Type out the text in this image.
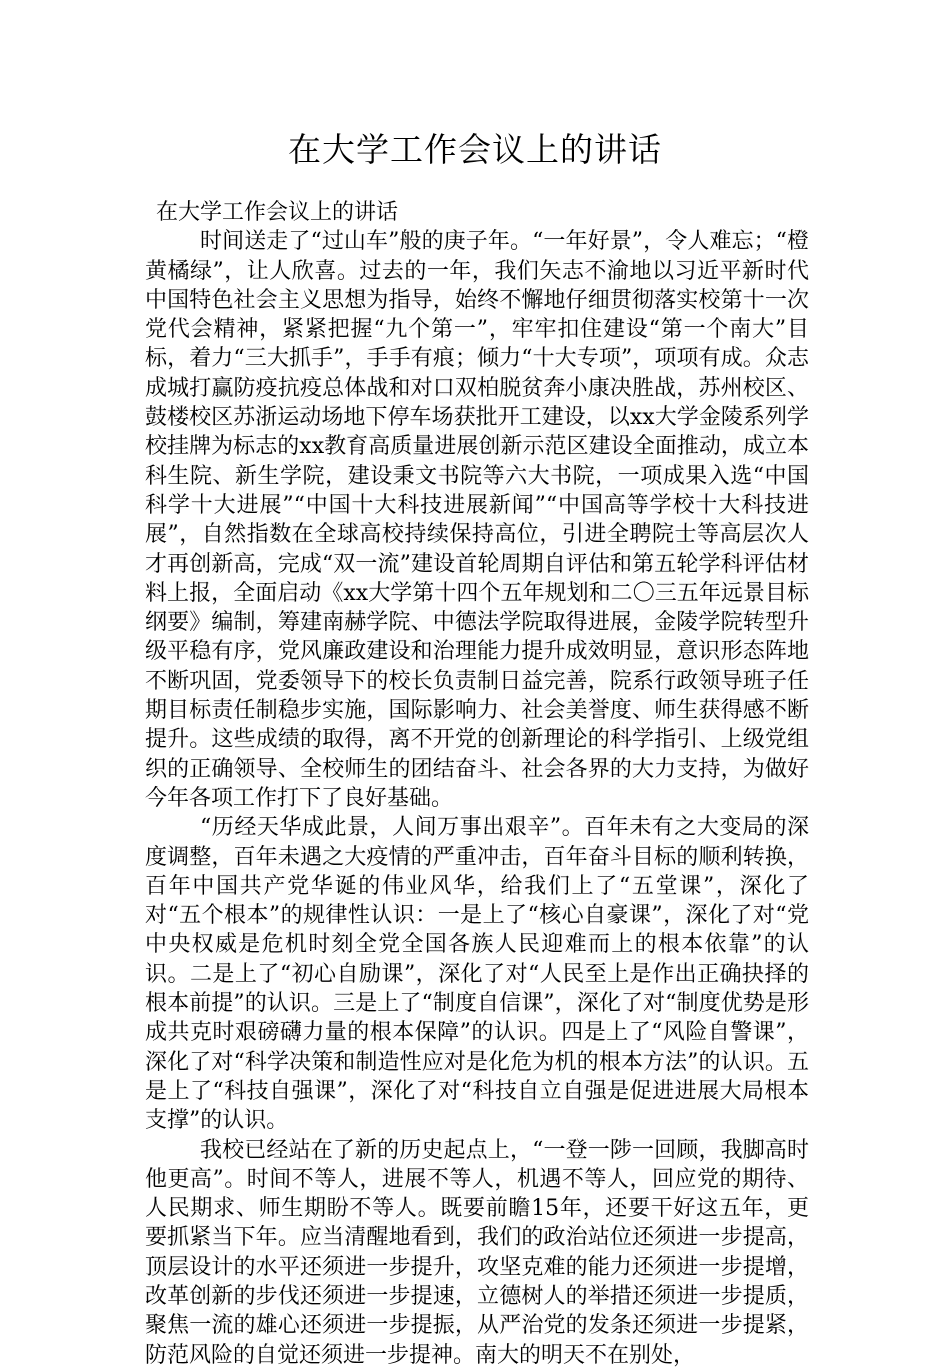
在大学工作会议上的讲话

在大学工作会议上的讲话

时间送走了“过山车”般的庚子年。“一年好景”，令人难忘；“橙黄橘绿”，让人欣喜。过去的一年，我们矢志不渝地以习近平新时代中国特色社会主义思想为指导，始终不懈地仔细贯彻落实校第十一次党代会精神，紧紧把握“九个第一”，牢牢扣住建设“第一个南大”目标，着力“三大抓手”，手手有痕；倾力“十大专项”，项项有成。众志成城打赢防疫抗疫总体战和对口双柏脱贫奔小康决胜战，苏州校区、鼓楼校区苏浙运动场地下停车场获批开工建设，以xx大学金陵系列学校挂牌为标志的xx教育高质量进展创新示范区建设全面推动，成立本科生院、新生学院，建设秉文书院等六大书院，一项成果入选“中国科学十大进展”“中国十大科技进展新闻”“中国高等学校十大科技进展”，自然指数在全球高校持续保持高位，引进全聘院士等高层次人才再创新高，完成“双一流”建设首轮周期自评估和第五轮学科评估材料上报，全面启动《xx大学第十四个五年规划和二〇三五年远景目标纲要》编制，筹建南赫学院、中德法学院取得进展，金陵学院转型升级平稳有序，党风廉政建设和治理能力提升成效明显，意识形态阵地不断巩固，党委领导下的校长负责制日益完善，院系行政领导班子任期目标责任制稳步实施，国际影响力、社会美誉度、师生获得感不断提升。这些成绩的取得，离不开党的创新理论的科学指引、上级党组织的正确领导、全校师生的团结奋斗、社会各界的大力支持，为做好今年各项工作打下了良好基础。

“历经天华成此景，人间万事出艰辛”。百年未有之大变局的深度调整，百年未遇之大疫情的严重冲击，百年奋斗目标的顺利转换，百年中国共产党华诞的伟业风华，给我们上了“五堂课”，深化了对“五个根本”的规律性认识：一是上了“核心自豪课”，深化了对“党中央权威是危机时刻全党全国各族人民迎难而上的根本依靠”的认识。二是上了“初心自励课”，深化了对“人民至上是作出正确抉择的根本前提”的认识。三是上了“制度自信课”，深化了对“制度优势是形成共克时艰磅礴力量的根本保障”的认识。四是上了“风险自警课”，深化了对“科学决策和制造性应对是化危为机的根本方法”的认识。五是上了“科技自强课”，深化了对“科技自立自强是促进进展大局根本支撑”的认识。

我校已经站在了新的历史起点上，“一登一陟一回顾，我脚高时他更高”。时间不等人，进展不等人，机遇不等人，回应党的期待、人民期求、师生期盼不等人。既要前瞻15年，还要干好这五年，更要抓紧当下年。应当清醒地看到，我们的政治站位还须进一步提高，顶层设计的水平还须进一步提升，攻坚克难的能力还须进一步提增，改革创新的步伐还须进一步提速，立德树人的举措还须进一步提质，聚焦一流的雄心还须进一步提振，从严治党的发条还须进一步提紧，防范风险的自觉还须进一步提神。南大的明天不在别处，
